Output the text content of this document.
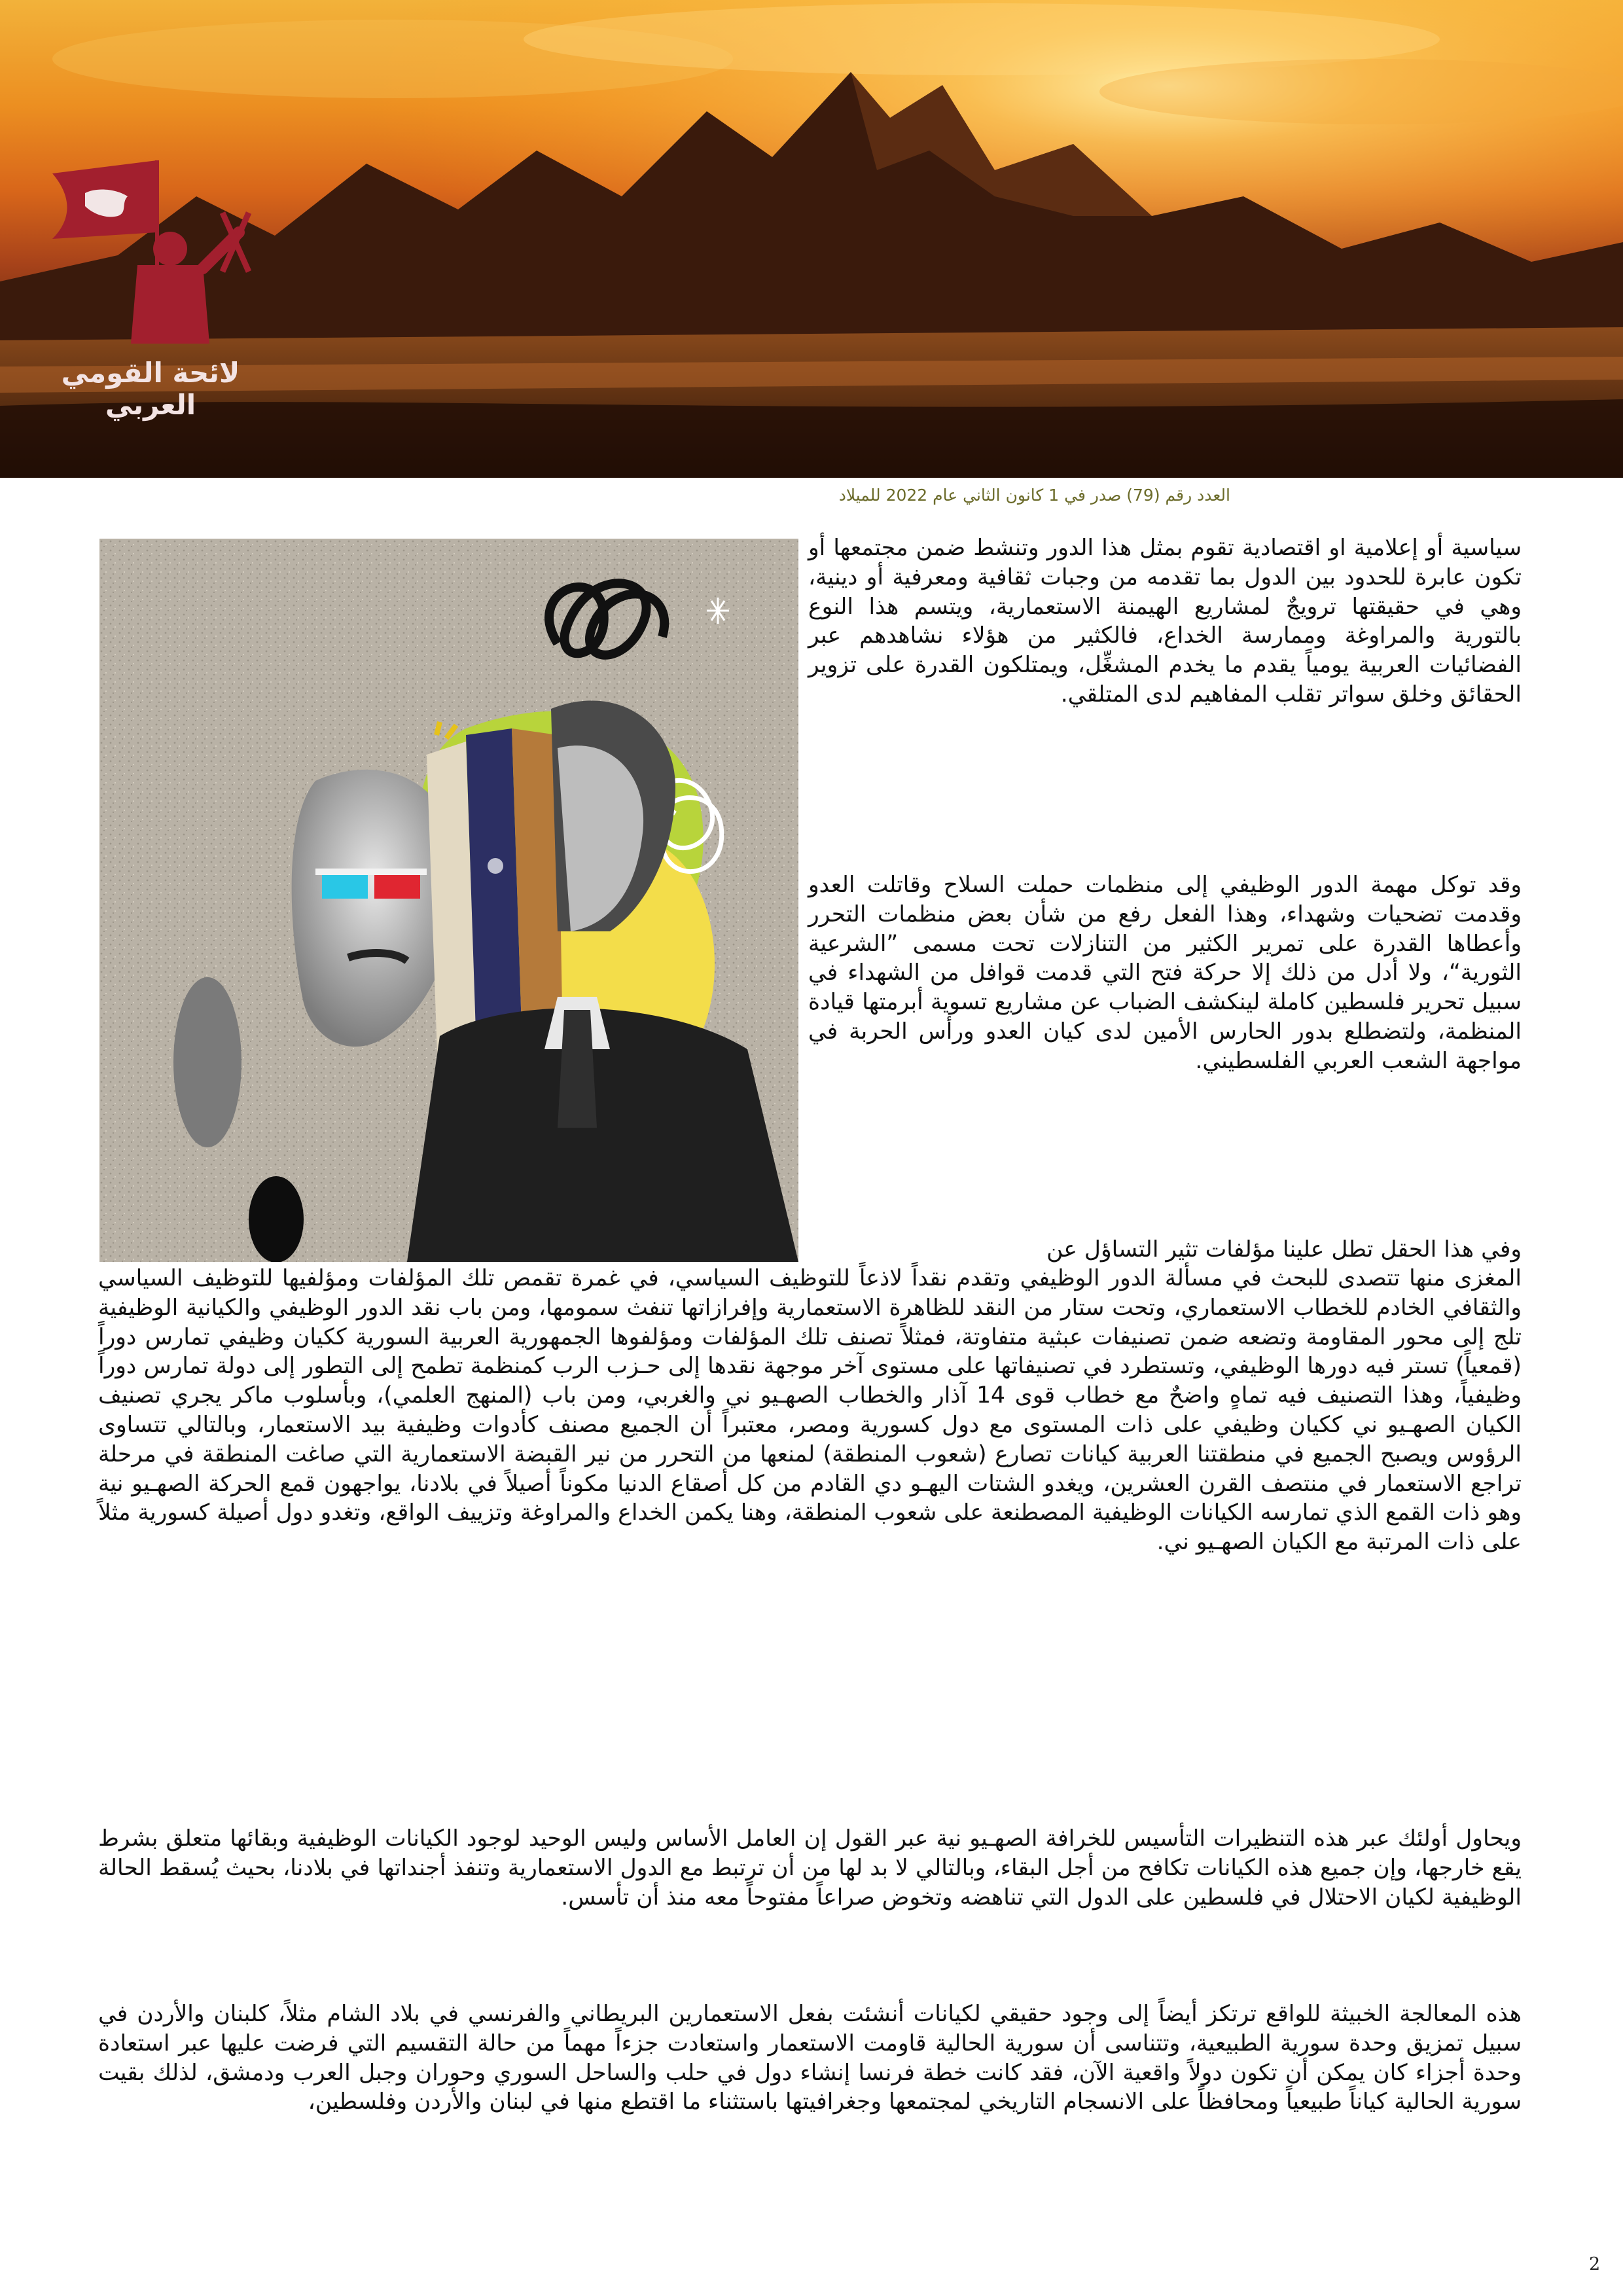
لائحة القومي العربي
العدد رقم (79) صدر في 1 كانون الثاني عام 2022 للميلاد

سياسية أو إعلامية او اقتصادية تقوم بمثل هذا الدور وتنشط ضمن مجتمعها أو تكون عابرة للحدود بين الدول بما تقدمه من وجبات ثقافية ومعرفية أو دينية، وهي في حقيقتها ترويجٌ لمشاريع الهيمنة الاستعمارية، ويتسم هذا النوع بالتورية والمراوغة وممارسة الخداع، فالكثير من هؤلاء نشاهدهم عبر الفضائيات العربية يومياً يقدم ما يخدم المشغِّل، ويمتلكون القدرة على تزوير الحقائق وخلق سواتر تقلب المفاهيم لدى المتلقي.

وقد توكل مهمة الدور الوظيفي إلى منظمات حملت السلاح وقاتلت العدو وقدمت تضحيات وشهداء، وهذا الفعل رفع من شأن بعض منظمات التحرر وأعطاها القدرة على تمرير الكثير من التنازلات تحت مسمى ”الشرعية الثورية“، ولا أدل من ذلك إلا حركة فتح التي قدمت قوافل من الشهداء في سبيل تحرير فلسطين كاملة لينكشف الضباب عن مشاريع تسوية أبرمتها قيادة المنظمة، ولتضطلع بدور الحارس الأمين لدى كيان العدو ورأس الحربة في مواجهة الشعب العربي الفلسطيني.

وفي هذا الحقل تطل علينا مؤلفات تثير التساؤل عن

المغزى منها تتصدى للبحث في مسألة الدور الوظيفي وتقدم نقداً لاذعاً للتوظيف السياسي، في غمرة تقمص تلك المؤلفات ومؤلفيها للتوظيف السياسي والثقافي الخادم للخطاب الاستعماري، وتحت ستار من النقد للظاهرة الاستعمارية وإفرازاتها تنفث سمومها، ومن باب نقد الدور الوظيفي والكيانية الوظيفية تلج إلى محور المقاومة وتضعه ضمن تصنيفات عبثية متفاوتة، فمثلاً تصنف تلك المؤلفات ومؤلفوها الجمهورية العربية السورية ككيان وظيفي تمارس دوراً (قمعياً) تستر فيه دورها الوظيفي، وتستطرد في تصنيفاتها على مستوى آخر موجهة نقدها إلى حـزب الرب كمنظمة تطمح إلى التطور إلى دولة تمارس دوراً وظيفياً، وهذا التصنيف فيه تماهٍ واضحٌ مع خطاب قوى 14 آذار والخطاب الصهـيو ني والغربي، ومن باب (المنهج العلمي)، وبأسلوب ماكر يجري تصنيف الكيان الصهـيو ني ككيان وظيفي على ذات المستوى مع دول كسورية ومصر، معتبراً أن الجميع مصنف كأدوات وظيفية بيد الاستعمار، وبالتالي تتساوى الرؤوس ويصبح الجميع في منطقتنا العربية كيانات تصارع (شعوب المنطقة) لمنعها من التحرر من نير القبضة الاستعمارية التي صاغت المنطقة في مرحلة تراجع الاستعمار في منتصف القرن العشرين، ويغدو الشتات اليهـو دي القادم من كل أصقاع الدنيا مكوناً أصيلاً في بلادنا، يواجهون قمع الحركة الصهـيو نية وهو ذات القمع الذي تمارسه الكيانات الوظيفية المصطنعة على شعوب المنطقة، وهنا يكمن الخداع والمراوغة وتزييف الواقع، وتغدو دول أصيلة كسورية مثلاً على ذات المرتبة مع الكيان الصهـيو ني.

ويحاول أولئك عبر هذه التنظيرات التأسيس للخرافة الصهـيو نية عبر القول إن العامل الأساس وليس الوحيد لوجود الكيانات الوظيفية وبقائها متعلق بشرط يقع خارجها، وإن جميع هذه الكيانات تكافح من أجل البقاء، وبالتالي لا بد لها من أن ترتبط مع الدول الاستعمارية وتنفذ أجنداتها في بلادنا، بحيث يُسقط الحالة الوظيفية لكيان الاحتلال في فلسطين على الدول التي تناهضه وتخوض صراعاً مفتوحاً معه منذ أن تأسس.

هذه المعالجة الخبيثة للواقع ترتكز أيضاً إلى وجود حقيقي لكيانات أنشئت بفعل الاستعمارين البريطاني والفرنسي في بلاد الشام مثلاً، كلبنان والأردن في سبيل تمزيق وحدة سورية الطبيعية، وتتناسى أن سورية الحالية قاومت الاستعمار واستعادت جزءاً مهماً من حالة التقسيم التي فرضت عليها عبر استعادة وحدة أجزاء كان يمكن أن تكون دولاً واقعية الآن، فقد كانت خطة فرنسا إنشاء دول في حلب والساحل السوري وحوران وجبل العرب ودمشق، لذلك بقيت سورية الحالية كياناً طبيعياً ومحافظاً على الانسجام التاريخي لمجتمعها وجغرافيتها باستثناء ما اقتطع منها في لبنان والأردن وفلسطين،

2
